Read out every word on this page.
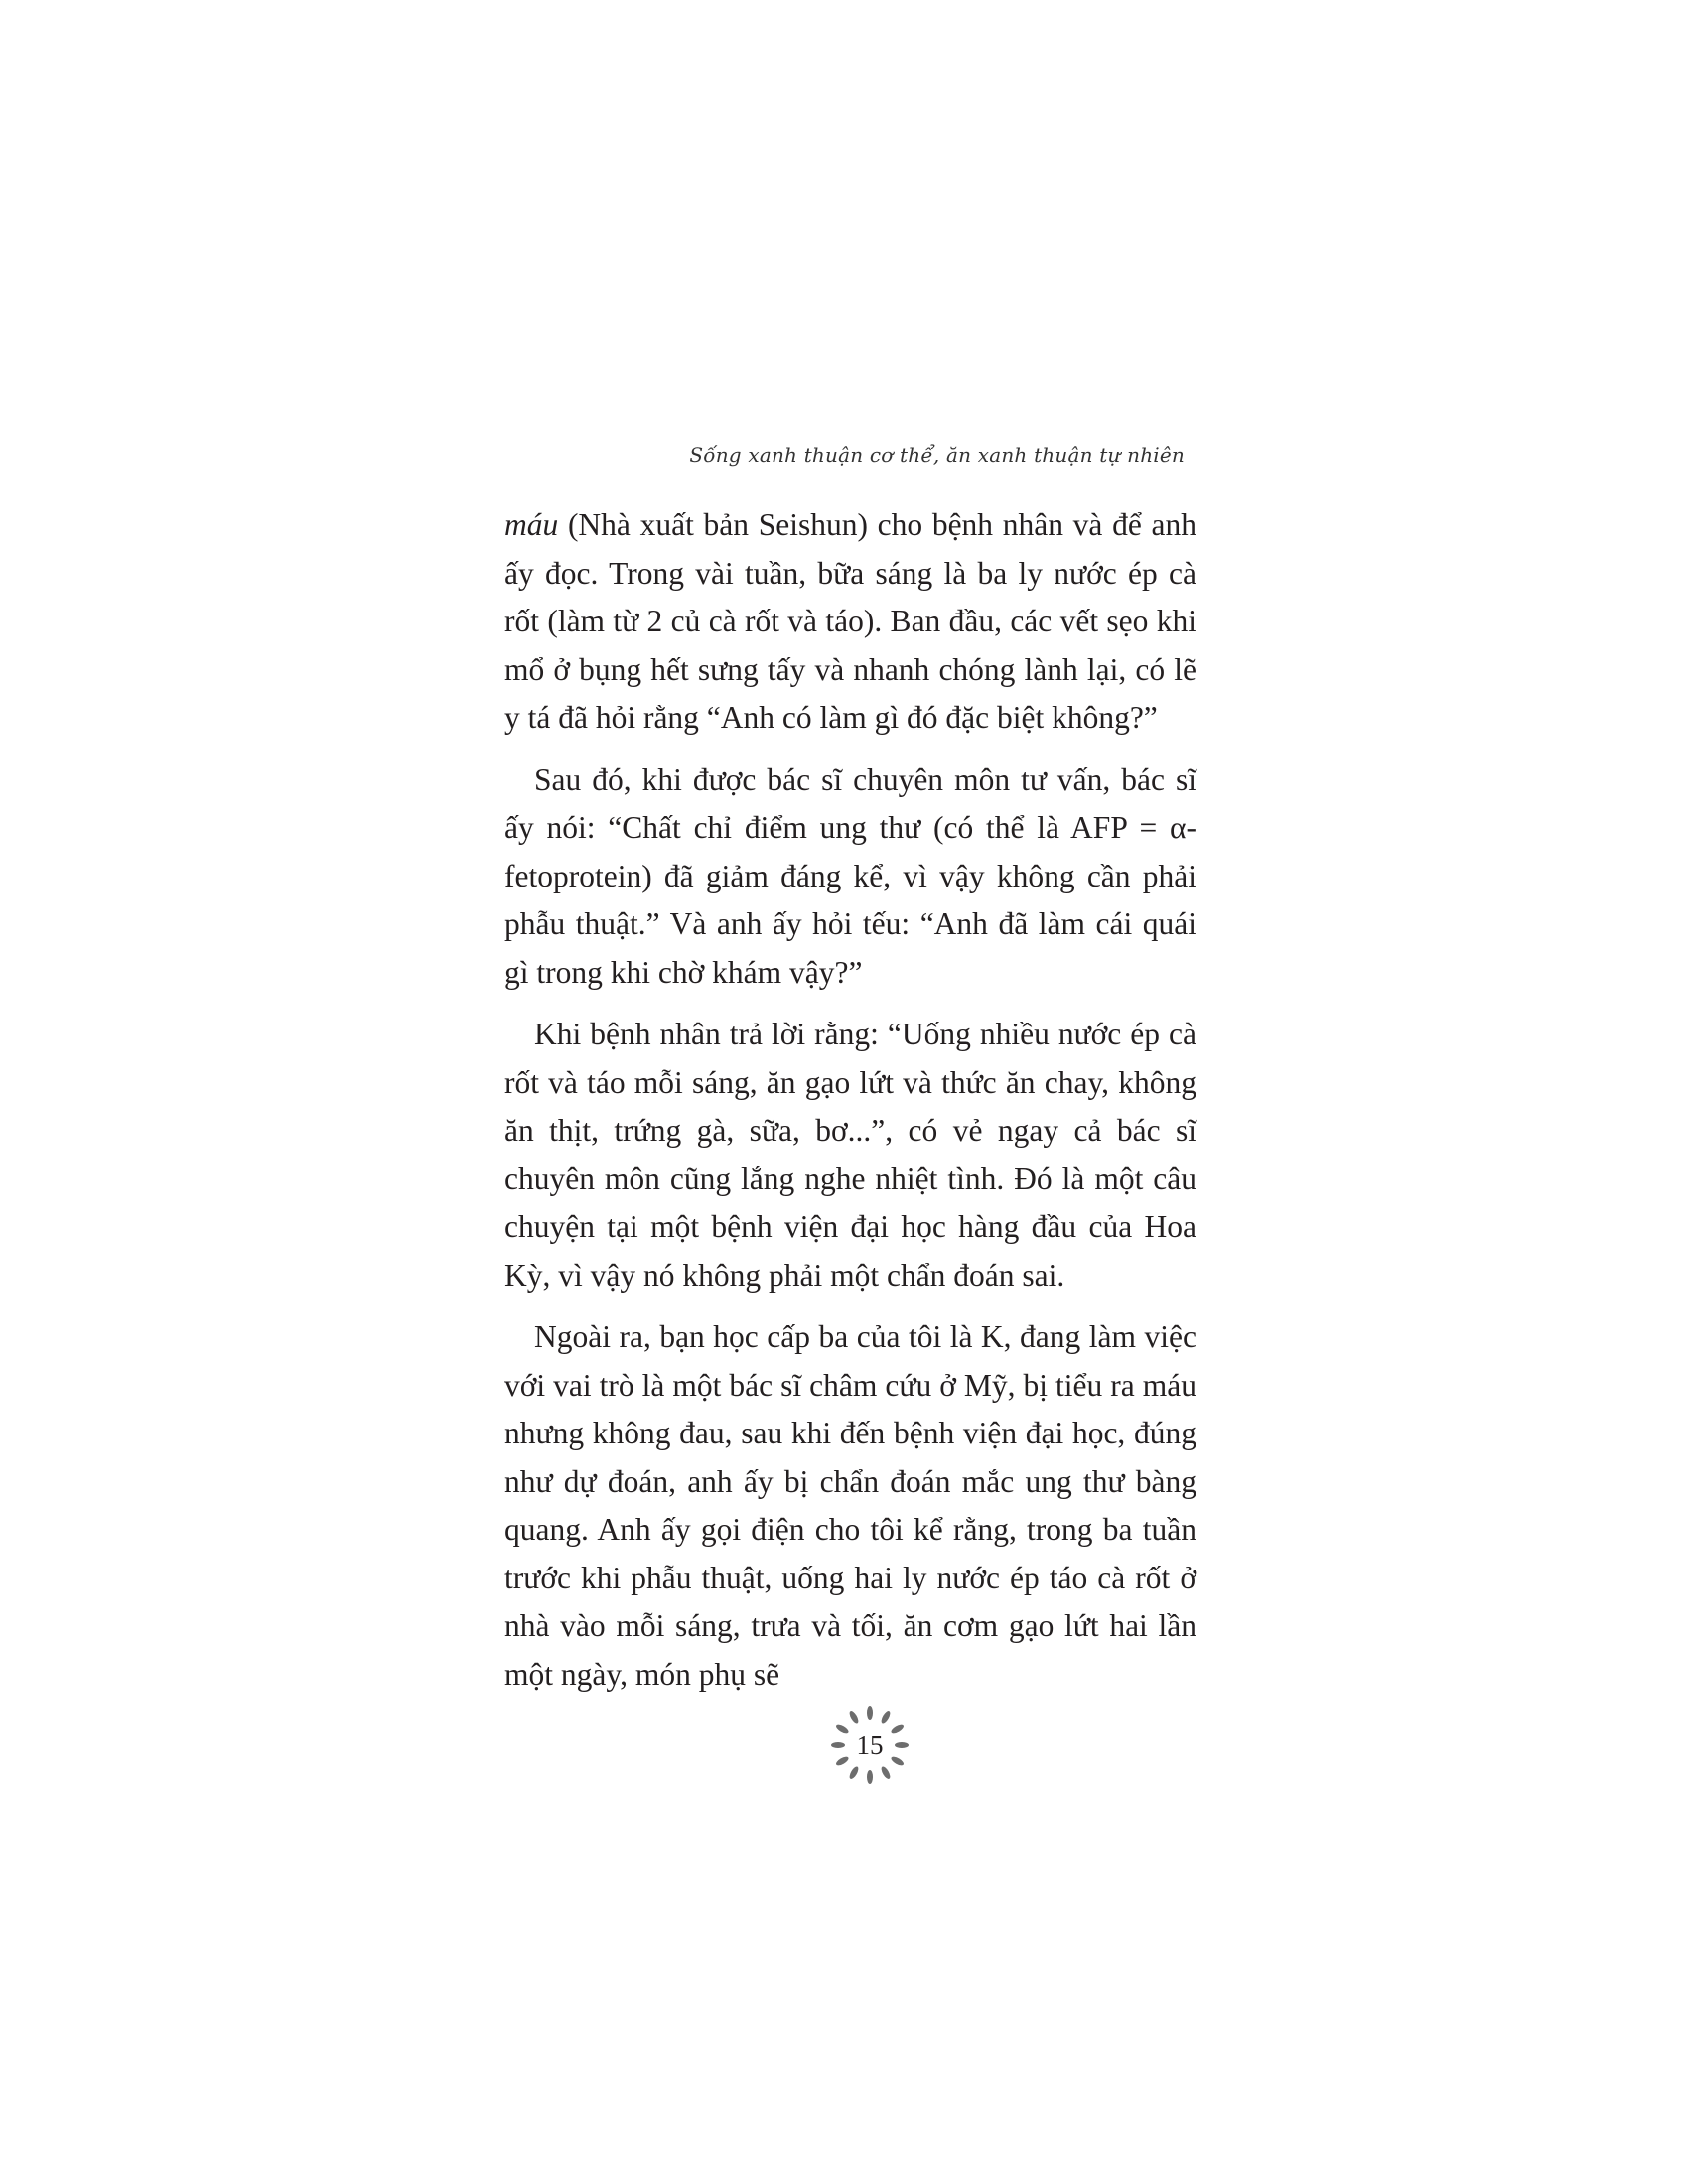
Sống xanh thuận cơ thể, ăn xanh thuận tự nhiên

máu (Nhà xuất bản Seishun) cho bệnh nhân và để anh ấy đọc. Trong vài tuần, bữa sáng là ba ly nước ép cà rốt (làm từ 2 củ cà rốt và táo). Ban đầu, các vết sẹo khi mổ ở bụng hết sưng tấy và nhanh chóng lành lại, có lẽ y tá đã hỏi rằng “Anh có làm gì đó đặc biệt không?”

Sau đó, khi được bác sĩ chuyên môn tư vấn, bác sĩ ấy nói: “Chất chỉ điểm ung thư (có thể là AFP = α-fetoprotein) đã giảm đáng kể, vì vậy không cần phải phẫu thuật.” Và anh ấy hỏi tếu: “Anh đã làm cái quái gì trong khi chờ khám vậy?”

Khi bệnh nhân trả lời rằng: “Uống nhiều nước ép cà rốt và táo mỗi sáng, ăn gạo lứt và thức ăn chay, không ăn thịt, trứng gà, sữa, bơ...”, có vẻ ngay cả bác sĩ chuyên môn cũng lắng nghe nhiệt tình. Đó là một câu chuyện tại một bệnh viện đại học hàng đầu của Hoa Kỳ, vì vậy nó không phải một chẩn đoán sai.

Ngoài ra, bạn học cấp ba của tôi là K, đang làm việc với vai trò là một bác sĩ châm cứu ở Mỹ, bị tiểu ra máu nhưng không đau, sau khi đến bệnh viện đại học, đúng như dự đoán, anh ấy bị chẩn đoán mắc ung thư bàng quang. Anh ấy gọi điện cho tôi kể rằng, trong ba tuần trước khi phẫu thuật, uống hai ly nước ép táo cà rốt ở nhà vào mỗi sáng, trưa và tối, ăn cơm gạo lứt hai lần một ngày, món phụ sẽ

15
